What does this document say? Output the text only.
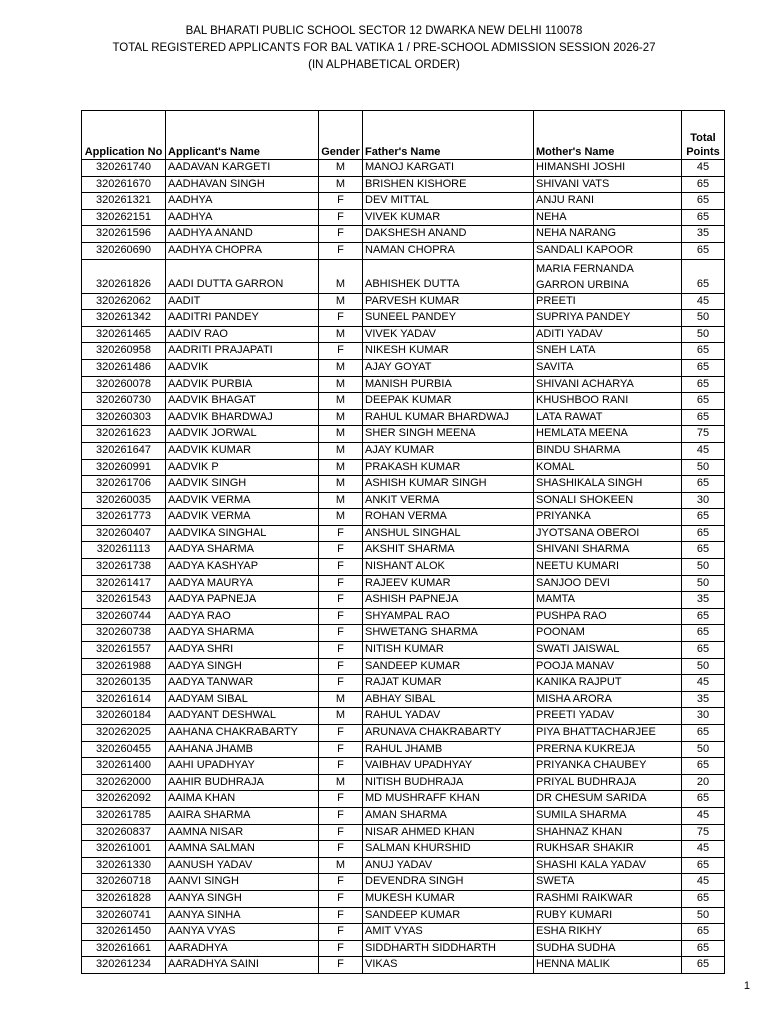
BAL BHARATI PUBLIC SCHOOL SECTOR 12 DWARKA NEW DELHI 110078
TOTAL REGISTERED APPLICANTS FOR BAL VATIKA 1 / PRE-SCHOOL ADMISSION SESSION 2026-27
(IN ALPHABETICAL ORDER)
Application No	Applicant's Name	Gender	Father's Name	Mother's Name	Total Points
320261740	AADAVAN KARGETI	M	MANOJ KARGATI	HIMANSHI JOSHI	45
320261670	AADHAVAN SINGH	M	BRISHEN KISHORE	SHIVANI VATS	65
320261321	AADHYA	F	DEV MITTAL	ANJU RANI	65
320262151	AADHYA	F	VIVEK KUMAR	NEHA	65
320261596	AADHYA ANAND	F	DAKSHESH ANAND	NEHA NARANG	35
320260690	AADHYA CHOPRA	F	NAMAN CHOPRA	SANDALI KAPOOR	65
320261826	AADI DUTTA GARRON	M	ABHISHEK DUTTA	MARIA FERNANDA GARRON URBINA	65
320262062	AADIT	M	PARVESH KUMAR	PREETI	45
320261342	AADITRI PANDEY	F	SUNEEL PANDEY	SUPRIYA PANDEY	50
320261465	AADIV RAO	M	VIVEK YADAV	ADITI YADAV	50
320260958	AADRITI PRAJAPATI	F	NIKESH KUMAR	SNEH LATA	65
320261486	AADVIK	M	AJAY GOYAT	SAVITA	65
320260078	AADVIK PURBIA	M	MANISH PURBIA	SHIVANI ACHARYA	65
320260730	AADVIK BHAGAT	M	DEEPAK KUMAR	KHUSHBOO RANI	65
320260303	AADVIK BHARDWAJ	M	RAHUL KUMAR BHARDWAJ	LATA RAWAT	65
320261623	AADVIK JORWAL	M	SHER SINGH MEENA	HEMLATA MEENA	75
320261647	AADVIK KUMAR	M	AJAY KUMAR	BINDU SHARMA	45
320260991	AADVIK P	M	PRAKASH KUMAR	KOMAL	50
320261706	AADVIK SINGH	M	ASHISH KUMAR SINGH	SHASHIKALA SINGH	65
320260035	AADVIK VERMA	M	ANKIT VERMA	SONALI SHOKEEN	30
320261773	AADVIK VERMA	M	ROHAN VERMA	PRIYANKA	65
320260407	AADVIKA SINGHAL	F	ANSHUL SINGHAL	JYOTSANA OBEROI	65
320261113	AADYA SHARMA	F	AKSHIT SHARMA	SHIVANI SHARMA	65
320261738	AADYA KASHYAP	F	NISHANT ALOK	NEETU KUMARI	50
320261417	AADYA MAURYA	F	RAJEEV KUMAR	SANJOO DEVI	50
320261543	AADYA PAPNEJA	F	ASHISH PAPNEJA	MAMTA	35
320260744	AADYA RAO	F	SHYAMPAL RAO	PUSHPA RAO	65
320260738	AADYA SHARMA	F	SHWETANG SHARMA	POONAM	65
320261557	AADYA SHRI	F	NITISH KUMAR	SWATI JAISWAL	65
320261988	AADYA SINGH	F	SANDEEP KUMAR	POOJA MANAV	50
320260135	AADYA TANWAR	F	RAJAT KUMAR	KANIKA RAJPUT	45
320261614	AADYAM SIBAL	M	ABHAY SIBAL	MISHA ARORA	35
320260184	AADYANT DESHWAL	M	RAHUL YADAV	PREETI YADAV	30
320262025	AAHANA CHAKRABARTY	F	ARUNAVA CHAKRABARTY	PIYA BHATTACHARJEE	65
320260455	AAHANA JHAMB	F	RAHUL JHAMB	PRERNA KUKREJA	50
320261400	AAHI UPADHYAY	F	VAIBHAV UPADHYAY	PRIYANKA CHAUBEY	65
320262000	AAHIR BUDHRAJA	M	NITISH BUDHRAJA	PRIYAL BUDHRAJA	20
320262092	AAIMA KHAN	F	MD MUSHRAFF KHAN	DR CHESUM SARIDA	65
320261785	AAIRA SHARMA	F	AMAN SHARMA	SUMILA SHARMA	45
320260837	AAMNA NISAR	F	NISAR AHMED KHAN	SHAHNAZ KHAN	75
320261001	AAMNA SALMAN	F	SALMAN KHURSHID	RUKHSAR SHAKIR	45
320261330	AANUSH YADAV	M	ANUJ YADAV	SHASHI KALA YADAV	65
320260718	AANVI SINGH	F	DEVENDRA SINGH	SWETA	45
320261828	AANYA SINGH	F	MUKESH KUMAR	RASHMI RAIKWAR	65
320260741	AANYA SINHA	F	SANDEEP KUMAR	RUBY KUMARI	50
320261450	AANYA VYAS	F	AMIT VYAS	ESHA RIKHY	65
320261661	AARADHYA	F	SIDDHARTH SIDDHARTH	SUDHA SUDHA	65
320261234	AARADHYA SAINI	F	VIKAS	HENNA MALIK	65
1
